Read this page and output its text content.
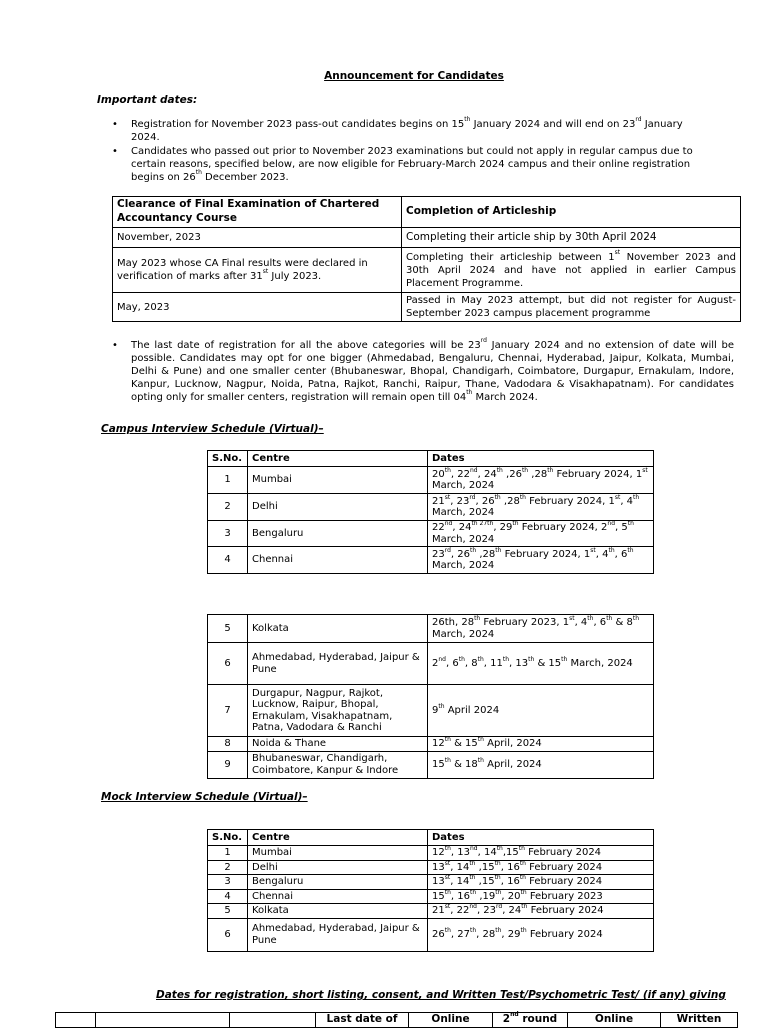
Announcement for Candidates
Important dates:
• Registration for November 2023 pass-out candidates begins on 15th January 2024 and will end on 23rd January 2024.
• Candidates who passed out prior to November 2023 examinations but could not apply in regular campus due to certain reasons, specified below, are now eligible for February-March 2024 campus and their online registration begins on 26th December 2023.
Clearance of Final Examination of Chartered Accountancy Course	Completion of Articleship
November, 2023	Completing their article ship by 30th April 2024
May 2023 whose CA Final results were declared in verification of marks after 31st July 2023.	Completing their articleship between 1st November 2023 and 30th April 2024 and have not applied in earlier Campus Placement Programme.
May, 2023	Passed in May 2023 attempt, but did not register for August-September 2023 campus placement programme
• The last date of registration for all the above categories will be 23rd January 2024 and no extension of date will be possible. Candidates may opt for one bigger (Ahmedabad, Bengaluru, Chennai, Hyderabad, Jaipur, Kolkata, Mumbai, Delhi & Pune) and one smaller center (Bhubaneswar, Bhopal, Chandigarh, Coimbatore, Durgapur, Ernakulam, Indore, Kanpur, Lucknow, Nagpur, Noida, Patna, Rajkot, Ranchi, Raipur, Thane, Vadodara & Visakhapatnam). For candidates opting only for smaller centers, registration will remain open till 04th March 2024.
Campus Interview Schedule (Virtual)–
S.No.	Centre	Dates
1	Mumbai	20th, 22nd, 24th ,26th ,28th February 2024, 1st March, 2024
2	Delhi	21st, 23rd, 26th ,28th February 2024, 1st, 4th March, 2024
3	Bengaluru	22nd, $24^{th 27th}$, 29th February 2024, 2nd, 5th March, 2024
4	Chennai	23rd, 26th ,28th February 2024, 1st, 4th, 6th March, 2024
5	Kolkata	26th, 28th February 2023, 1st, 4th, 6th & 8th March, 2024
6	Ahmedabad, Hyderabad, Jaipur & Pune	2nd, 6th, 8th, 11th, 13th & 15th March, 2024
7	Durgapur, Nagpur, Rajkot, Lucknow, Raipur, Bhopal, Ernakulam, Visakhapatnam, Patna, Vadodara & Ranchi	9th April 2024
8	Noida & Thane	12th & 15th April, 2024
9	Bhubaneswar, Chandigarh, Coimbatore, Kanpur & Indore	15th & 18th April, 2024
Mock Interview Schedule (Virtual)–
S.No.	Centre	Dates
1	Mumbai	12th, 13nd, 14th,15th February 2024
2	Delhi	13st, 14th ,15th, 16th February 2024
3	Bengaluru	13st, 14th ,15th, 16th February 2024
4	Chennai	15th, 16th ,19th, 20th February 2023
5	Kolkata	21st, 22nd, 23rd, 24th February 2024
6	Ahmedabad, Hyderabad, Jaipur & Pune	26th, 27th, 28th, 29th February 2024
Dates for registration, short listing, consent, and Written Test/Psychometric Test/ (if any) giving
			Last date of	Online	2nd round	Online	Written
